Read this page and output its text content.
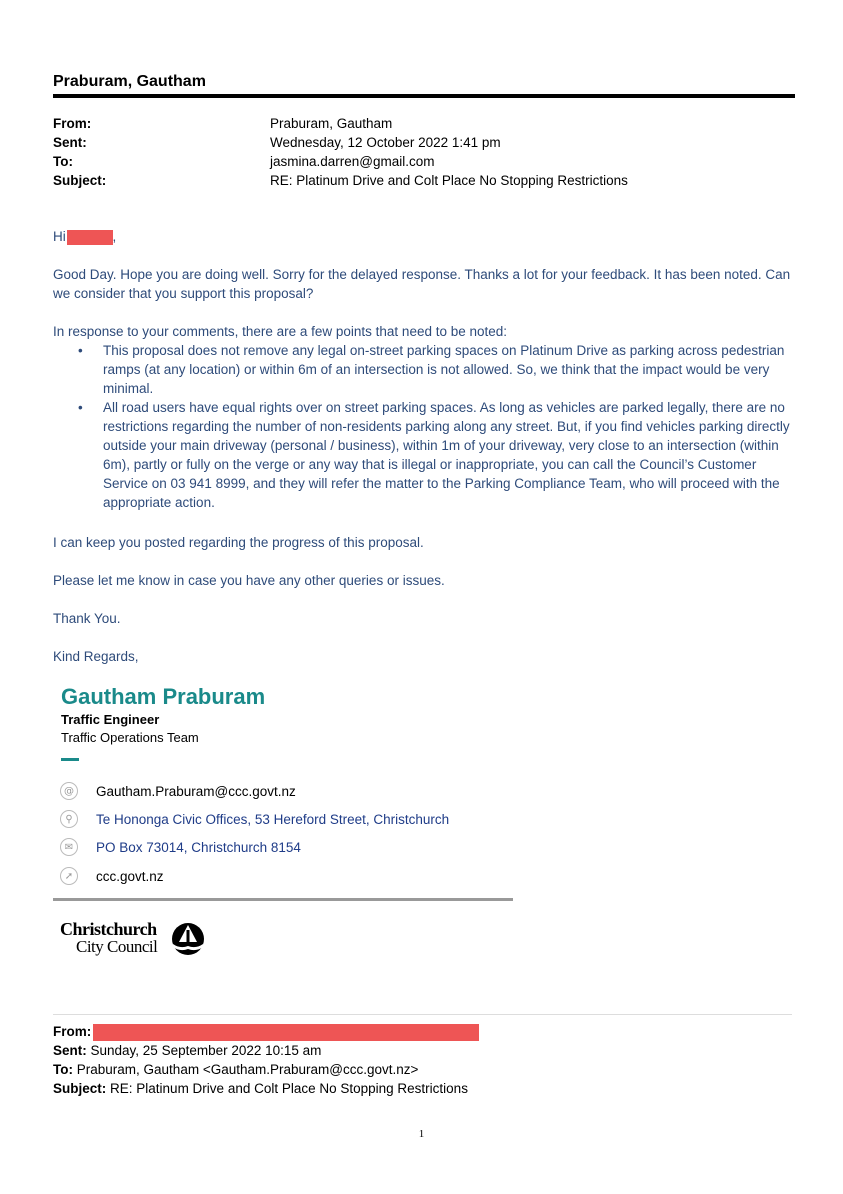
Praburam, Gautham
From:	Praburam, Gautham
Sent:	Wednesday, 12 October 2022 1:41 pm
To:	jasmina.darren@gmail.com
Subject:	RE: Platinum Drive and Colt Place No Stopping Restrictions
Hi	,
Good Day. Hope you are doing well. Sorry for the delayed response. Thanks a lot for your feedback. It has been noted. Can we consider that you support this proposal?
In response to your comments, there are a few points that need to be noted:
• This proposal does not remove any legal on-street parking spaces on Platinum Drive as parking across pedestrian ramps (at any location) or within 6m of an intersection is not allowed. So, we think that the impact would be very minimal.
• All road users have equal rights over on street parking spaces. As long as vehicles are parked legally, there are no restrictions regarding the number of non-residents parking along any street. But, if you find vehicles parking directly outside your main driveway (personal / business), within 1m of your driveway, very close to an intersection (within 6m), partly or fully on the verge or any way that is illegal or inappropriate, you can call the Council’s Customer Service on 03 941 8999, and they will refer the matter to the Parking Compliance Team, who will proceed with the appropriate action.
I can keep you posted regarding the progress of this proposal.
Please let me know in case you have any other queries or issues.
Thank You.
Kind Regards,
Gautham Praburam
Traffic Engineer
Traffic Operations Team
@ Gautham.Praburam@ccc.govt.nz
⚲	Te Hononga Civic Offices, 53 Hereford Street, Christchurch
✉	PO Box 73014, Christchurch 8154
➚	ccc.govt.nz
Christchurch
City Council
From:
Sent: Sunday, 25 September 2022 10:15 am
To: Praburam, Gautham <Gautham.Praburam@ccc.govt.nz>
Subject: RE: Platinum Drive and Colt Place No Stopping Restrictions
1
